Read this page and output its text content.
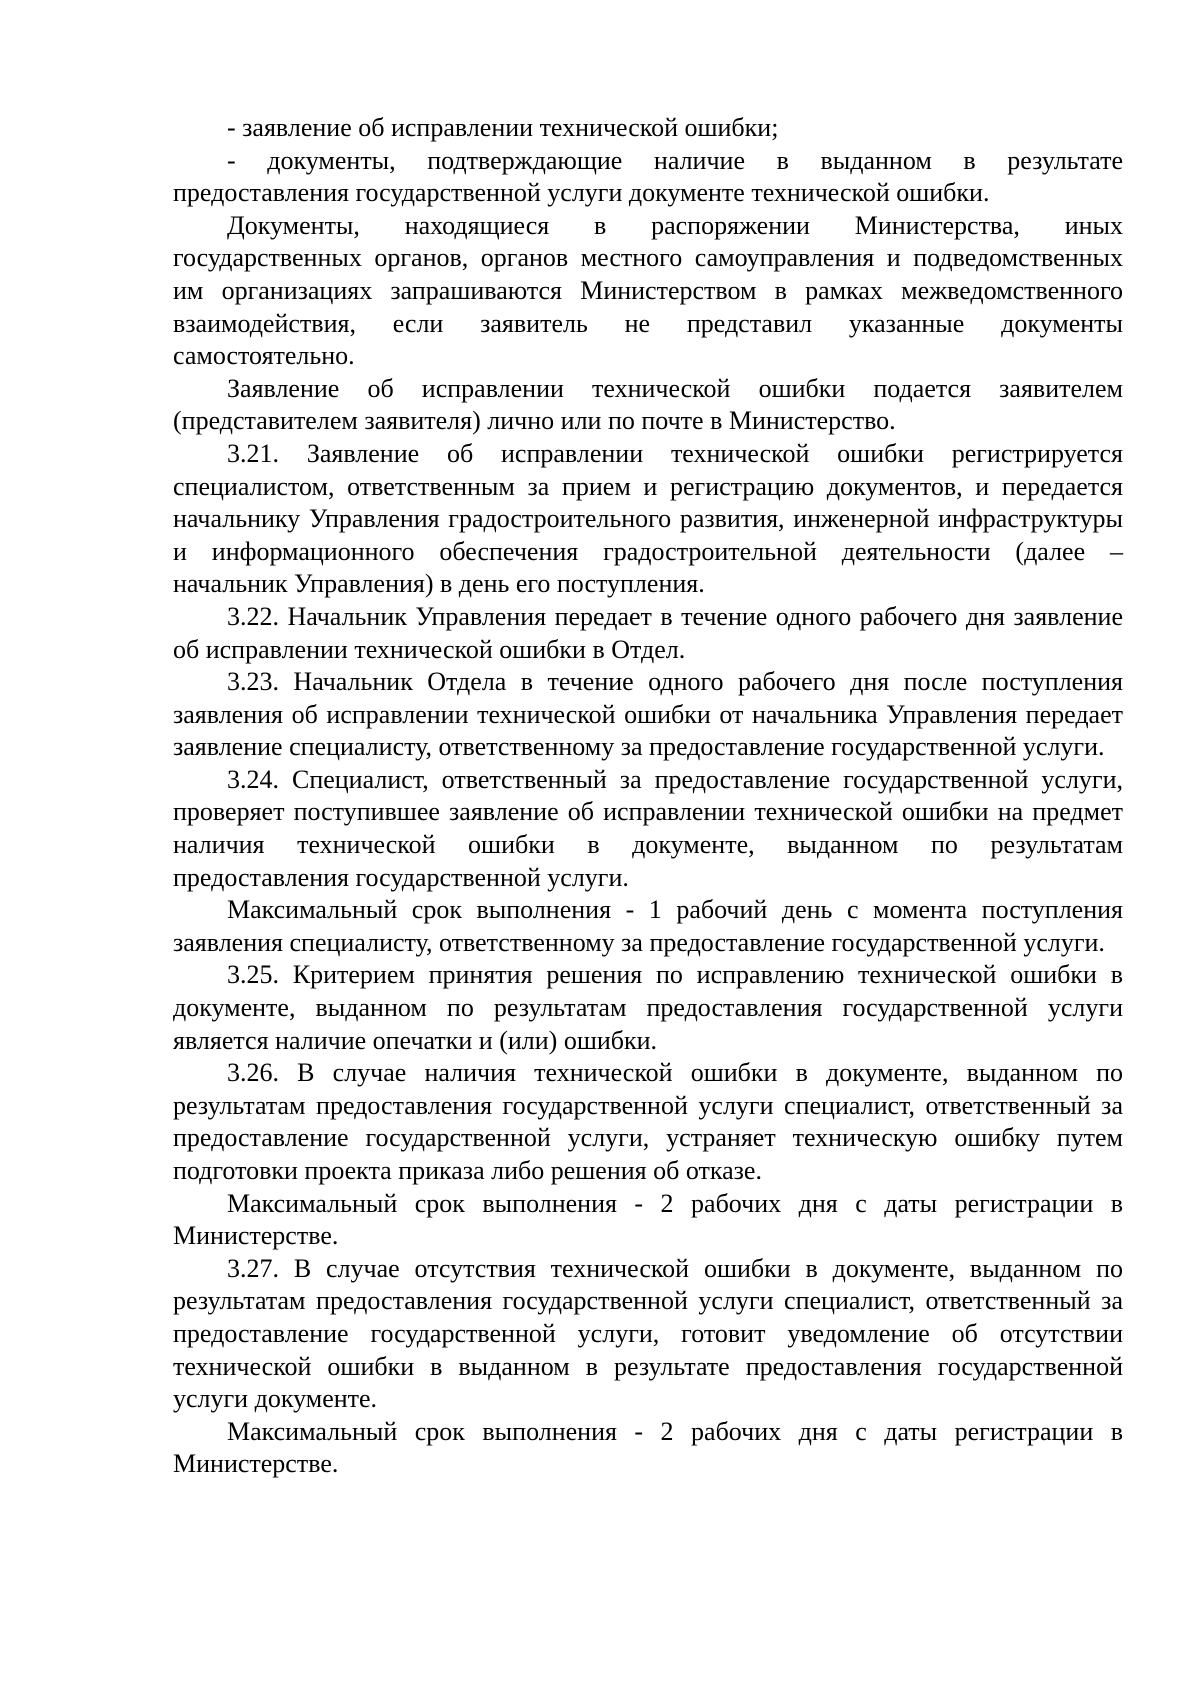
- заявление об исправлении технической ошибки;

- документы, подтверждающие наличие в выданном в результате предоставления государственной услуги документе технической ошибки.

Документы, находящиеся в распоряжении Министерства, иных государственных органов, органов местного самоуправления и подведомственных им организациях запрашиваются Министерством в рамках межведомственного взаимодействия, если заявитель не представил указанные документы самостоятельно.

Заявление об исправлении технической ошибки подается заявителем (представителем заявителя) лично или по почте в Министерство.

3.21. Заявление об исправлении технической ошибки регистрируется специалистом, ответственным за прием и регистрацию документов, и передается начальнику Управления градостроительного развития, инженерной инфраструктуры и информационного обеспечения градостроительной деятельности (далее – начальник Управления) в день его поступления.

3.22. Начальник Управления передает в течение одного рабочего дня заявление об исправлении технической ошибки в Отдел.

3.23. Начальник Отдела в течение одного рабочего дня после поступления заявления об исправлении технической ошибки от начальника Управления передает заявление специалисту, ответственному за предоставление государственной услуги.

3.24. Специалист, ответственный за предоставление государственной услуги, проверяет поступившее заявление об исправлении технической ошибки на предмет наличия технической ошибки в документе, выданном по результатам предоставления государственной услуги.

Максимальный срок выполнения - 1 рабочий день с момента поступления заявления специалисту, ответственному за предоставление государственной услуги.

3.25. Критерием принятия решения по исправлению технической ошибки в документе, выданном по результатам предоставления государственной услуги является наличие опечатки и (или) ошибки.

3.26. В случае наличия технической ошибки в документе, выданном по результатам предоставления государственной услуги специалист, ответственный за предоставление государственной услуги, устраняет техническую ошибку путем подготовки проекта приказа либо решения об отказе.

Максимальный срок выполнения - 2 рабочих дня с даты регистрации в Министерстве.

3.27. В случае отсутствия технической ошибки в документе, выданном по результатам предоставления государственной услуги специалист, ответственный за предоставление государственной услуги, готовит уведомление об отсутствии технической ошибки в выданном в результате предоставления государственной услуги документе.

Максимальный срок выполнения - 2 рабочих дня с даты регистрации в Министерстве.
